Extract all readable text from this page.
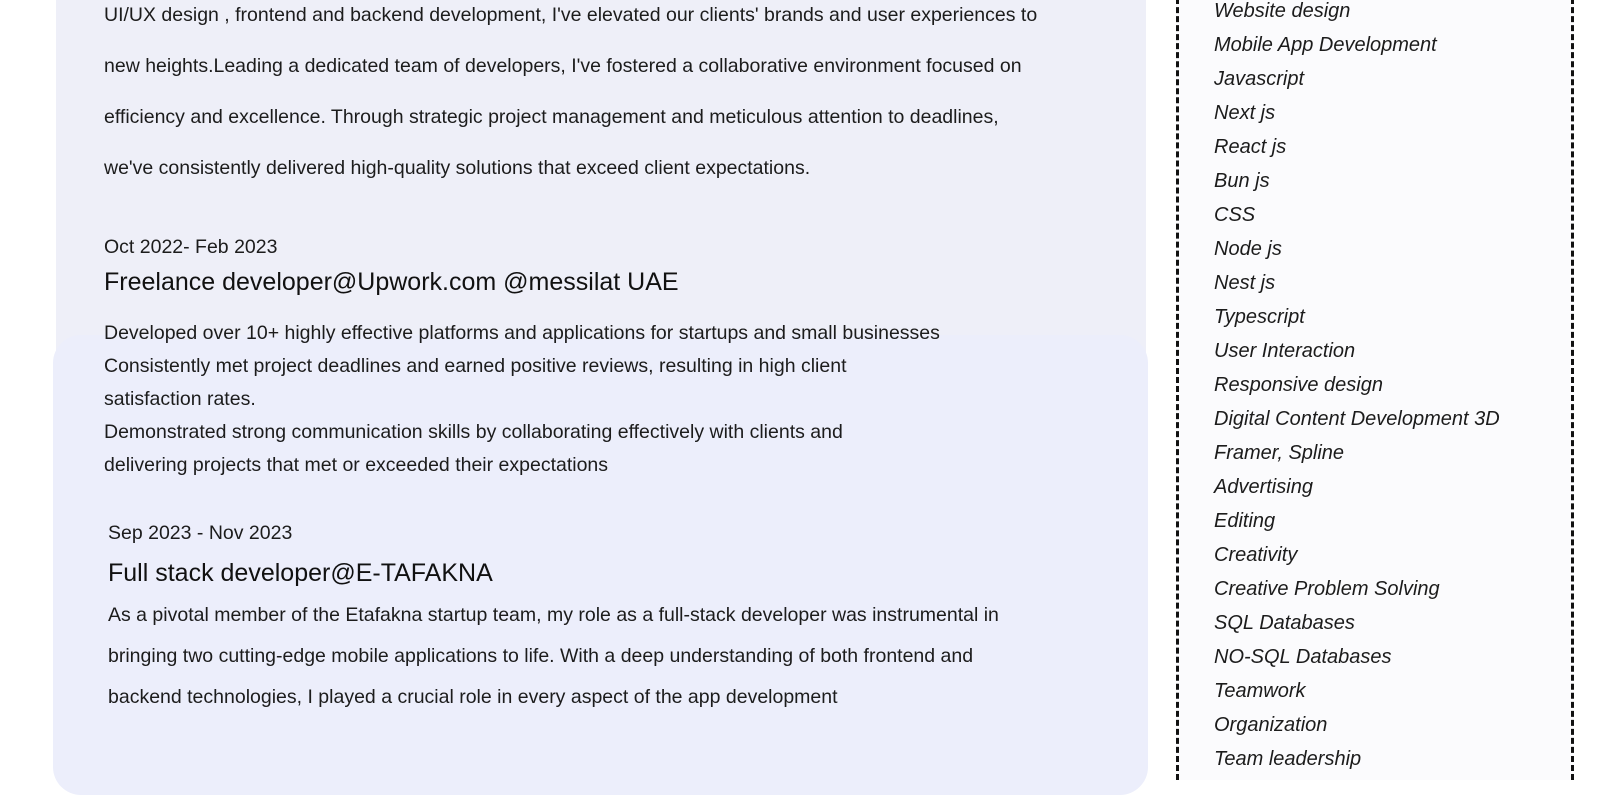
UI/UX design , frontend and backend development, I've elevated our clients' brands and user experiences to

new heights.Leading a dedicated team of developers, I've fostered a collaborative environment focused on

efficiency and excellence. Through strategic project management and meticulous attention to deadlines,

we've consistently delivered high-quality solutions that exceed client expectations.

Oct 2022- Feb 2023

Freelance developer@Upwork.com @messilat UAE

Developed over 10+ highly effective platforms and applications for startups and small businesses

Consistently met project deadlines and earned positive reviews, resulting in high client

satisfaction rates.

Demonstrated strong communication skills by collaborating effectively with clients and

delivering projects that met or exceeded their expectations

Sep 2023 - Nov 2023

Full stack developer@E-TAFAKNA

As a pivotal member of the Etafakna startup team, my role as a full-stack developer was instrumental in

bringing two cutting-edge mobile applications to life. With a deep understanding of both frontend and

backend technologies, I played a crucial role in every aspect of the app development

Website design
Mobile App Development
Javascript
Next js
React js
Bun js
CSS
Node js
Nest js
Typescript
User Interaction
Responsive design
Digital Content Development 3D
Framer, Spline
Advertising
Editing
Creativity
Creative Problem Solving
SQL Databases
NO-SQL Databases
Teamwork
Organization
Team leadership
